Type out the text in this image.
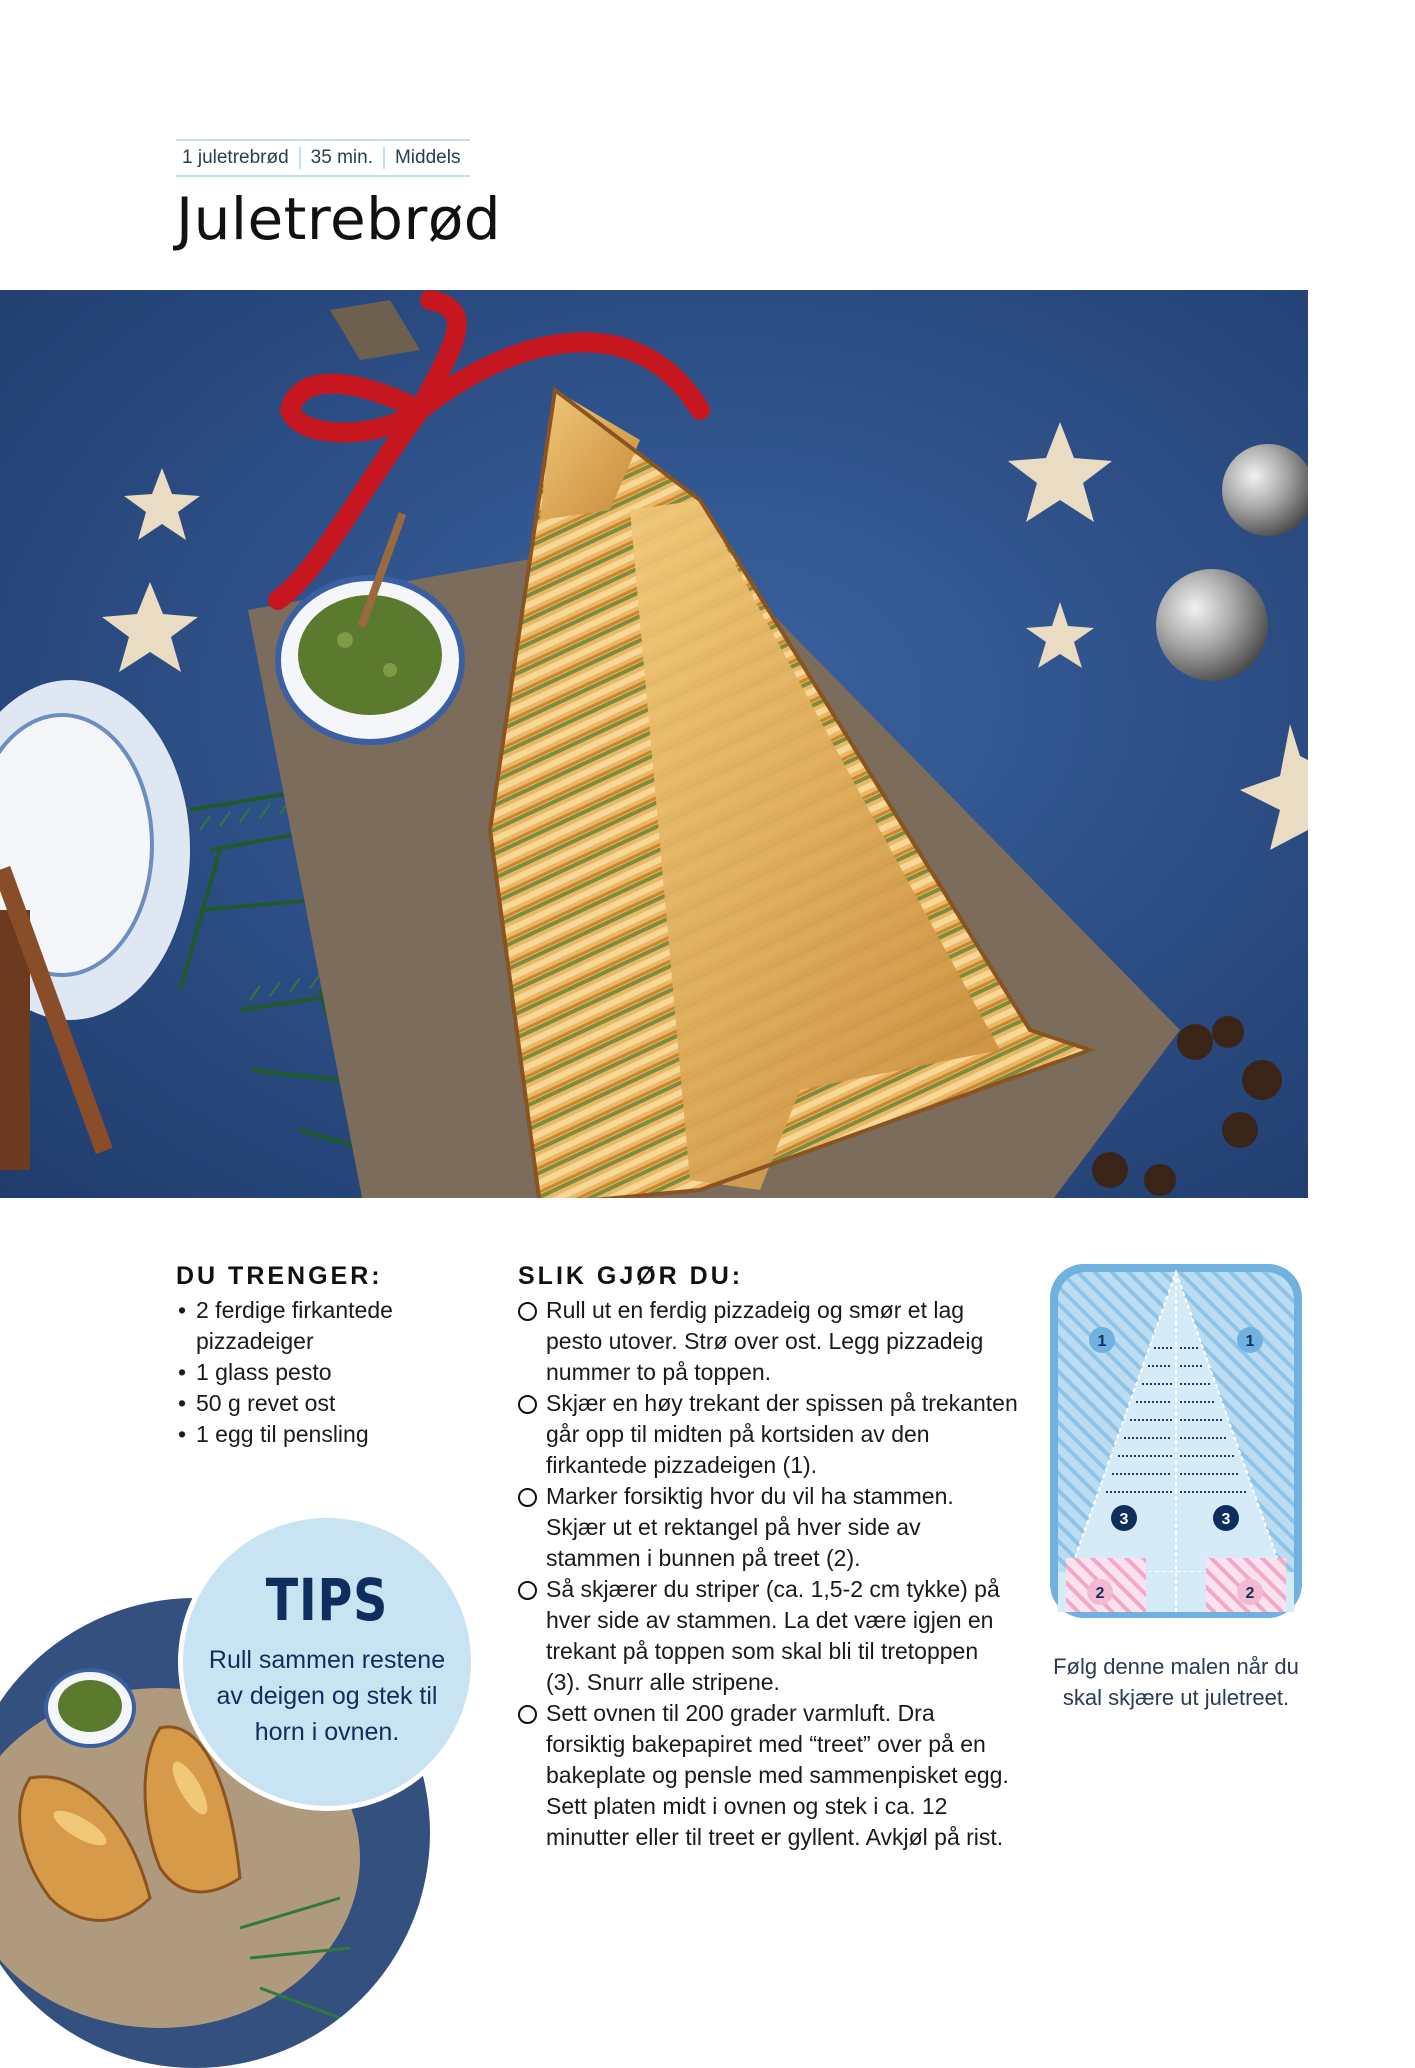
1 juletrebrød	35 min.	Middels
Juletrebrød
DU TRENGER:
• 2 ferdige firkantede pizzadeiger
• 1 glass pesto
• 50 g revet ost
• 1 egg til pensling
SLIK GJØR DU:
Rull ut en ferdig pizzadeig og smør et lag pesto utover. Strø over ost. Legg pizzadeig nummer to på toppen.
Skjær en høy trekant der spissen på trekanten går opp til midten på kortsiden av den firkantede pizzadeigen (1).
Marker forsiktig hvor du vil ha stammen. Skjær ut et rektangel på hver side av stammen i bunnen på treet (2).
Så skjærer du striper (ca. 1,5-2 cm tykke) på hver side av stammen. La det være igjen en trekant på toppen som skal bli til tretoppen (3). Snurr alle stripene.
Sett ovnen til 200 grader varmluft. Dra forsiktig bakepapiret med “treet” over på en bakeplate og pensle med sammenpisket egg. Sett platen midt i ovnen og stek i ca. 12 minutter eller til treet er gyllent. Avkjøl på rist.
1	1
3	3
2	2
Følg denne malen når du skal skjære ut juletreet.
TIPS

Rull sammen restene av deigen og stek til horn i ovnen.
